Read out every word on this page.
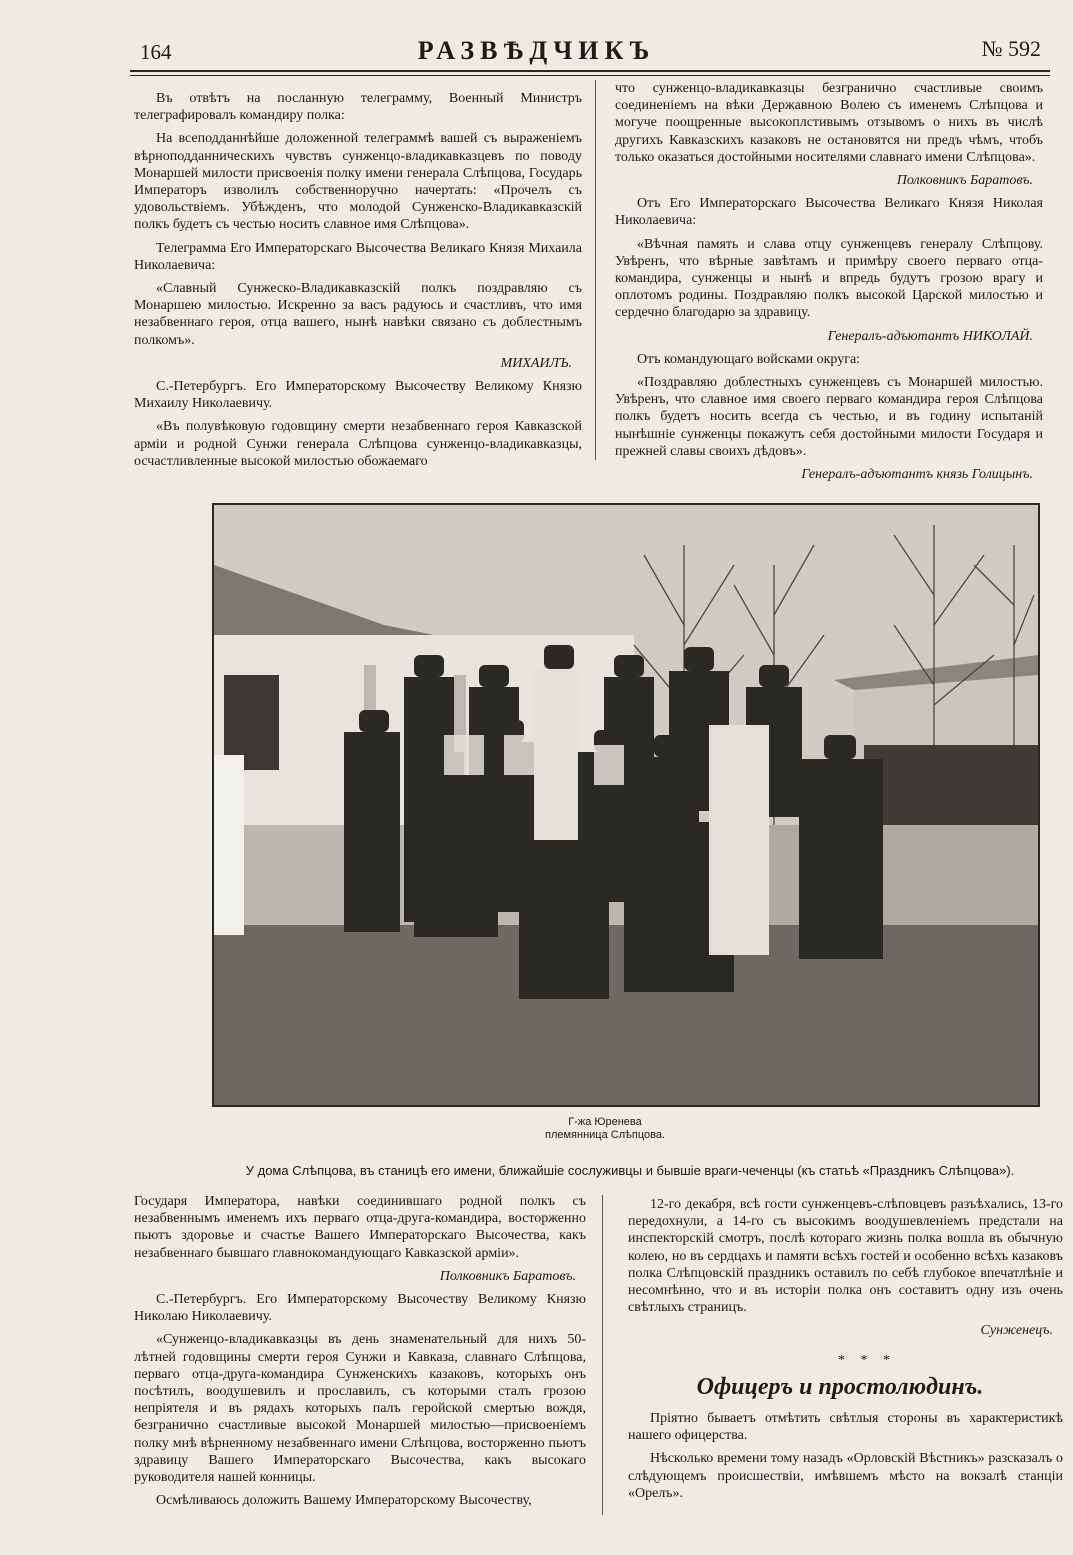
164	РАЗВѢДЧИКЪ	№ 592

Въ отвѣтъ на посланную телеграмму, Военный Министръ телеграфировалъ командиру полка:

На всеподданнѣйше доложенной телеграммѣ вашей съ выраженіемъ вѣрноподданническихъ чувствъ сунженцо-владикавказцевъ по поводу Монаршей милости присвоенія полку имени генерала Слѣпцова, Государь Императоръ изволилъ собственноручно начертать: «Прочелъ съ удовольствіемъ. Убѣжденъ, что молодой Сунженско-Владикавказскій полкъ будетъ съ честью носить славное имя Слѣпцова».

Телеграмма Его Императорскаго Высочества Великаго Князя Михаила Николаевича:

«Славный Сунжеско-Владикавказскій полкъ поздравляю съ Монаршею милостью. Искренно за васъ радуюсь и счастливъ, что имя незабвеннаго героя, отца вашего, нынѣ навѣки связано съ доблестнымъ полкомъ».

МИХАИЛЪ.

С.-Петербургъ. Его Императорскому Высочеству Великому Князю Михаилу Николаевичу.

«Въ полувѣковую годовщину смерти незабвеннаго героя Кавказской арміи и родной Сунжи генерала Слѣпцова сунженцо-владикавказцы, осчастливленные высокой милостью обожаемаго

что сунженцо-владикавказцы безгранично счастливые своимъ соединеніемъ на вѣки Державною Волею съ именемъ Слѣпцова и могуче поощренные высокоплстивымъ отзывомъ о нихъ въ числѣ другихъ Кавказскихъ казаковъ не остановятся ни предъ чѣмъ, чтобъ только оказаться достойными носителями славнаго имени Слѣпцова».

Полковникъ Баратовъ.

Отъ Его Императорскаго Высочества Великаго Князя Николая Николаевича:

«Вѣчная память и слава отцу сунженцевъ генералу Слѣпцову. Увѣренъ, что вѣрные завѣтамъ и примѣру своего перваго отца-командира, сунженцы и нынѣ и впредь будутъ грозою врагу и оплотомъ родины. Поздравляю полкъ высокой Царской милостью и сердечно благодарю за здравицу.

Генералъ-адъютантъ НИКОЛАЙ.

Отъ командующаго войсками округа:

«Поздравляю доблестныхъ сунженцевъ съ Монаршей милостью. Увѣренъ, что славное имя своего перваго командира героя Слѣпцова полкъ будетъ носить всегда съ честью, и въ годину испытаній нынѣшніе сунженцы покажутъ себя достойными милости Государя и прежней славы своихъ дѣдовъ».

Генералъ-адъютантъ князь Голицынъ.

Г-жа Юренева
племянница Слѣпцова.
У дома Слѣпцова, въ станицѣ его имени, ближайшіе сослуживцы и бывшіе враги-чеченцы (къ статьѣ «Праздникъ Слѣпцова»).

Государя Императора, навѣки соединившаго родной полкъ съ незабвеннымъ именемъ ихъ перваго отца-друга-командира, восторженно пьютъ здоровье и счастье Вашего Императорскаго Высочества, какъ незабвеннаго бывшаго главнокомандующаго Кавказской арміи».

Полковникъ Баратовъ.

С.-Петербургъ. Его Императорскому Высочеству Великому Князю Николаю Николаевичу.

«Сунженцо-владикавказцы въ день знаменательный для нихъ 50-лѣтней годовщины смерти героя Сунжи и Кавказа, славнаго Слѣпцова, перваго отца-друга-командира Сунженскихъ казаковъ, которыхъ онъ посѣтилъ, воодушевилъ и прославилъ, съ которыми сталъ грозою непріятеля и въ рядахъ которыхъ палъ геройской смертью вождя, безгранично счастливые высокой Монаршей милостью—присвоеніемъ полку мнѣ вѣрненному незабвеннаго имени Слѣпцова, восторженно пьютъ здравицу Вашего Императорскаго Высочества, какъ высокаго руководителя нашей конницы.

Осмѣливаюсь доложить Вашему Императорскому Высочеству,

12-го декабря, всѣ гости сунженцевъ-слѣповцевъ разъѣхались, 13-го передохнули, а 14-го съ высокимъ воодушевленіемъ предстали на инспекторскій смотръ, послѣ котораго жизнь полка вошла въ обычную колею, но въ сердцахъ и памяти всѣхъ гостей и особенно всѣхъ казаковъ полка Слѣпцовскій праздникъ оставилъ по себѣ глубокое впечатлѣніе и несомнѣнно, что и въ исторіи полка онъ составитъ одну изъ очень свѣтлыхъ страницъ.

Сунженецъ.

* * *
Офицеръ и простолюдинъ.

Пріятно бываетъ отмѣтить свѣтлыя стороны въ характеристикѣ нашего офицерства.

Нѣсколько времени тому назадъ «Орловскій Вѣстникъ» разсказалъ о слѣдующемъ происшествіи, имѣвшемъ мѣсто на вокзалѣ станціи «Орелъ».
